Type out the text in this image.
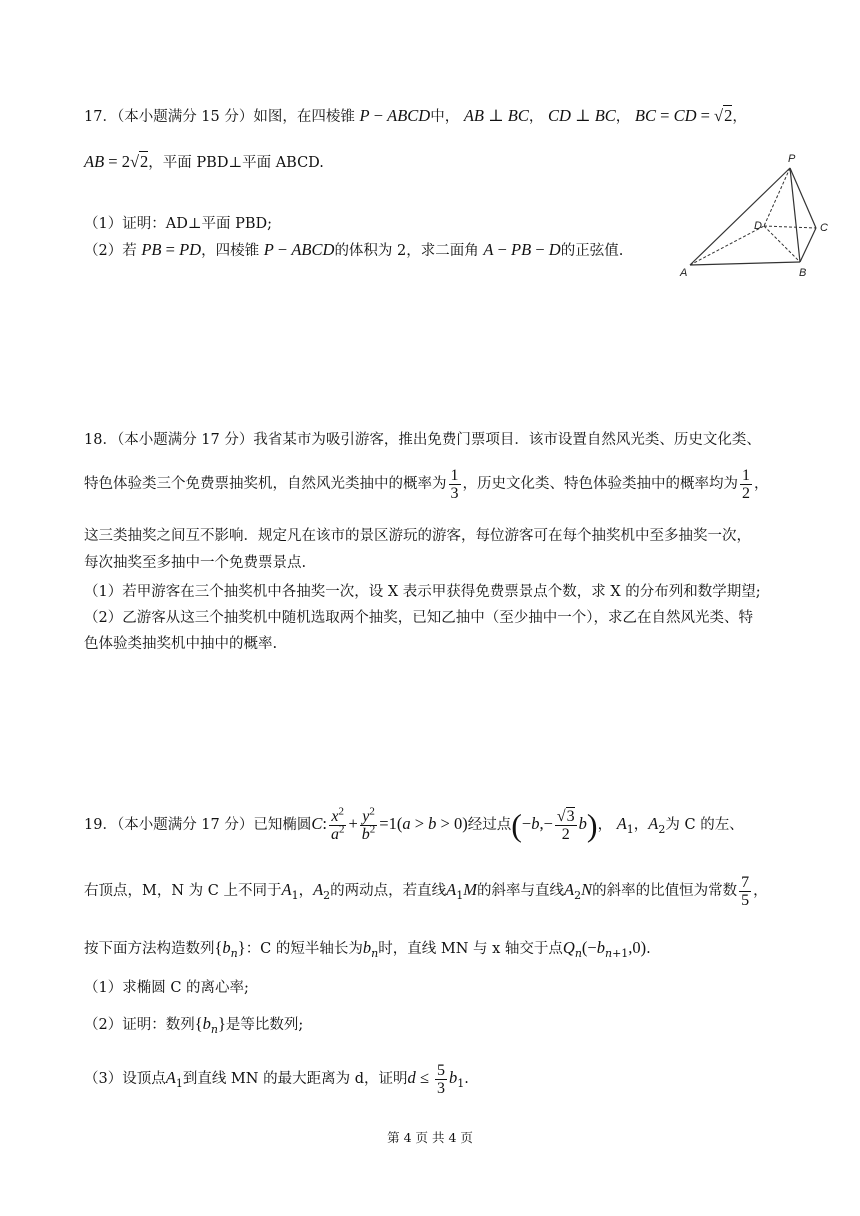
17．（本小题满分 15 分）如图，在四棱锥 P − ABCD中， AB ⊥ BC， CD ⊥ BC， BC = CD = √2，
AB = 2√2，平面 PBD⊥平面 ABCD.
（1）证明：AD⊥平面 PBD;
（2）若 PB = PD，四棱锥 P − ABCD的体积为 2，求二面角 A − PB − D的正弦值.
P
A	B
C
D
18．（本小题满分 17 分）我省某市为吸引游客，推出免费门票项目．该市设置自然风光类、历史文化类、
特色体验类三个免费票抽奖机，自然风光类抽中的概率为 $\frac{1}{3}$ ，历史文化类、特色体验类抽中的概率均为 $\frac{1}{2}$ ，
这三类抽奖之间互不影响．规定凡在该市的景区游玩的游客，每位游客可在每个抽奖机中至多抽奖一次，
每次抽奖至多抽中一个免费票景点.
（1）若甲游客在三个抽奖机中各抽奖一次，设 X 表示甲获得免费票景点个数，求 X 的分布列和数学期望;
（2）乙游客从这三个抽奖机中随机选取两个抽奖，已知乙抽中（至少抽中一个），求乙在自然风光类、特
色体验类抽奖机中抽中的概率.
19．（本小题满分 17 分）已知椭圆C: $\frac{x^2}{a^2} + \frac{y^2}{b^2} =1(a > b > 0)$经过点$(-b,- \frac{√3}{2} b)$， $A_1$，$A_2$为 C 的左、
右顶点，M，N 为 C 上不同于$A_1$，$A_2$的两动点，若直线$A_1M$的斜率与直线$A_2N$的斜率的比值恒为常数 $\frac{7}{5}$ ，
按下面方法构造数列$\{b_n\}$：C 的短半轴长为$b_n$时，直线 MN 与 x 轴交于点$Q_n(-b_{n+1},0)$.
（1）求椭圆 C 的离心率;
（2）证明：数列$\{b_n\}$是等比数列;
（3）设顶点$A_1$到直线 MN 的最大距离为 d，证明$d \le \frac{5}{3} b_1$.
第 4 页 共 4 页
